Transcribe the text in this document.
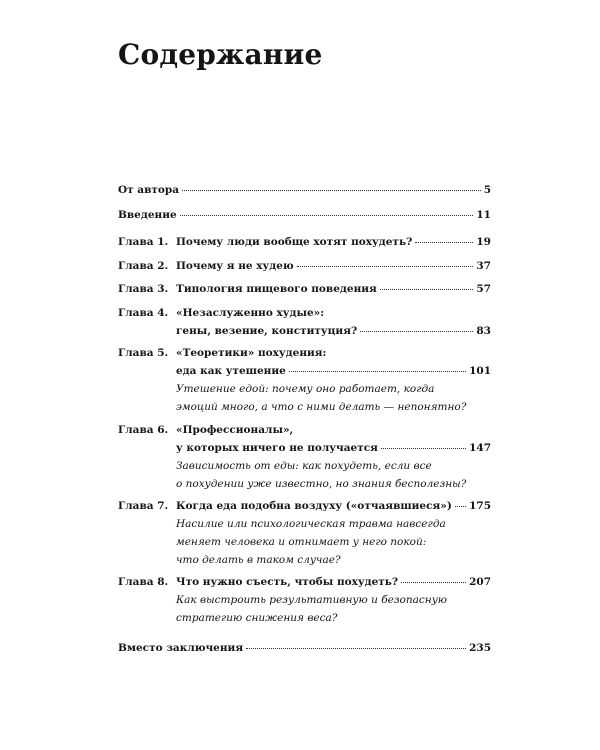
Содержание
От автора	5
Введение	11
Глава 1. Почему люди вообще хотят похудеть?	19
Глава 2. Почему я не худею	37
Глава 3. Типология пищевого поведения	57
Глава 4. «Незаслуженно худые»:
гены, везение, конституция?	83
Глава 5. «Теоретики» похудения:
еда как утешение	101
Утешение едой: почему оно работает, когда
эмоций много, а что с ними делать — непонятно?
Глава 6. «Профессионалы»,
у которых ничего не получается	147
Зависимость от еды: как похудеть, если все
о похудении уже известно, но знания бесполезны?
Глава 7. Когда еда подобна воздуху («отчаявшиеся») 175
Насилие или психологическая травма навсегда
меняет человека и отнимает у него покой:
что делать в таком случае?
Глава 8. Что нужно съесть, чтобы похудеть?	207
Как выстроить результативную и безопасную
стратегию снижения веса?
Вместо заключения	235
